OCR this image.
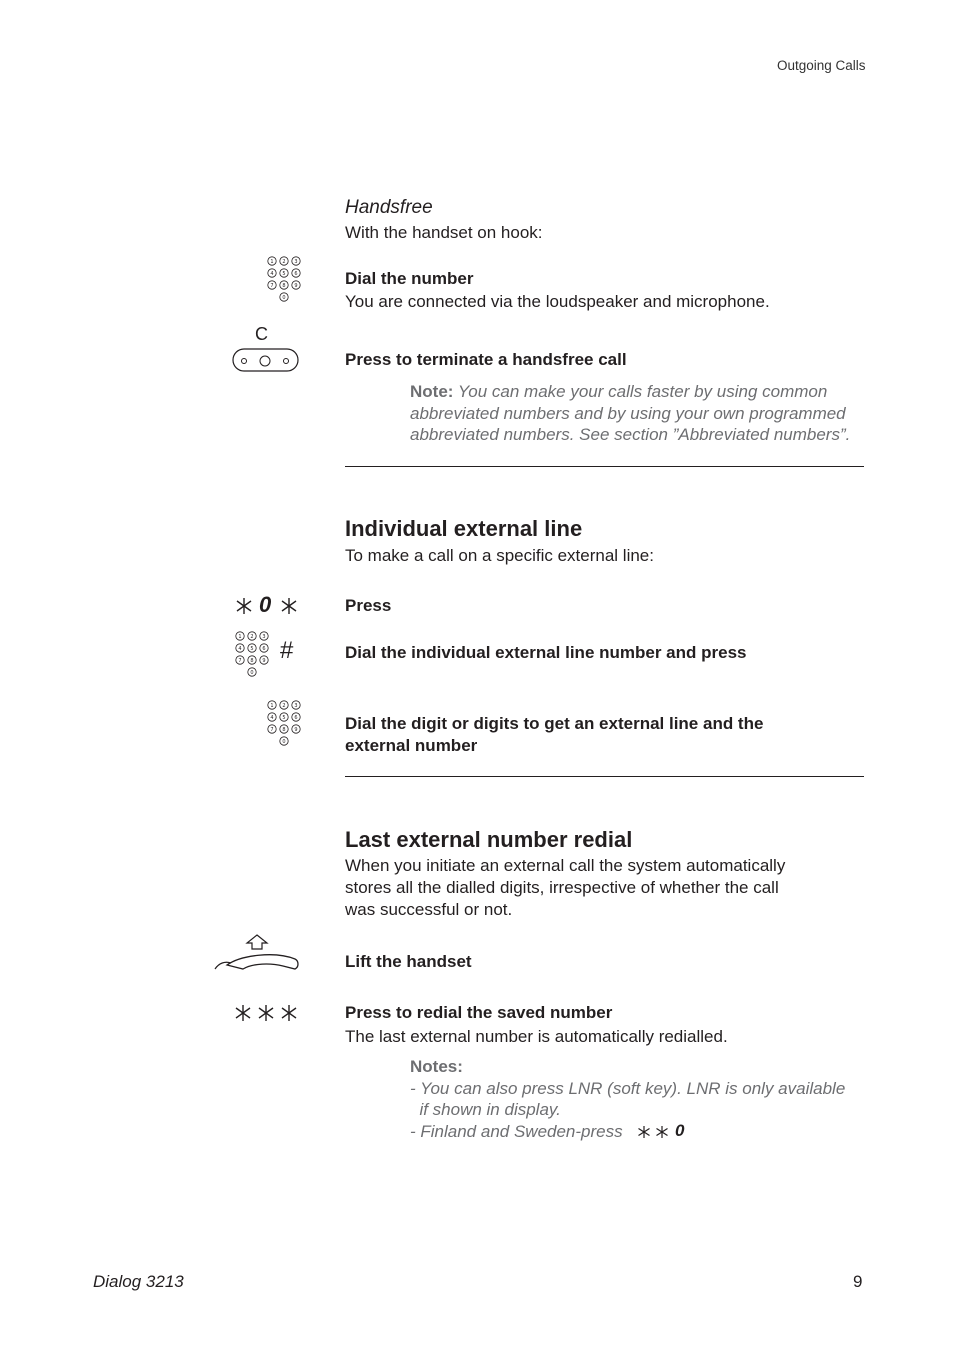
Outgoing Calls
Handsfree
With the handset on hook:
1 2 3
4 5 6
7 8 9
0
Dial the number
You are connected via the loudspeaker and microphone.
C
Press to terminate a handsfree call
Note: You can make your calls faster by using common
abbreviated numbers and by using your own programmed
abbreviated numbers. See section ”Abbreviated numbers”.
Individual external line
To make a call on a specific external line:
0	Press
1 2 3
4 5 6
7 8 9
0
#	Dial the individual external line number and press
1 2 3
4 5 6
7 8 9
0
Dial the digit or digits to get an external line and the
external number
Last external number redial
When you initiate an external call the system automatically
stores all the dialled digits, irrespective of whether the call
was successful or not.
Lift the handset
Press to redial the saved number
The last external number is automatically redialled.
Notes:
- You can also press LNR (soft key). LNR is only available
if shown in display.
- Finland and Sweden-press	0
Dialog 3213	9
